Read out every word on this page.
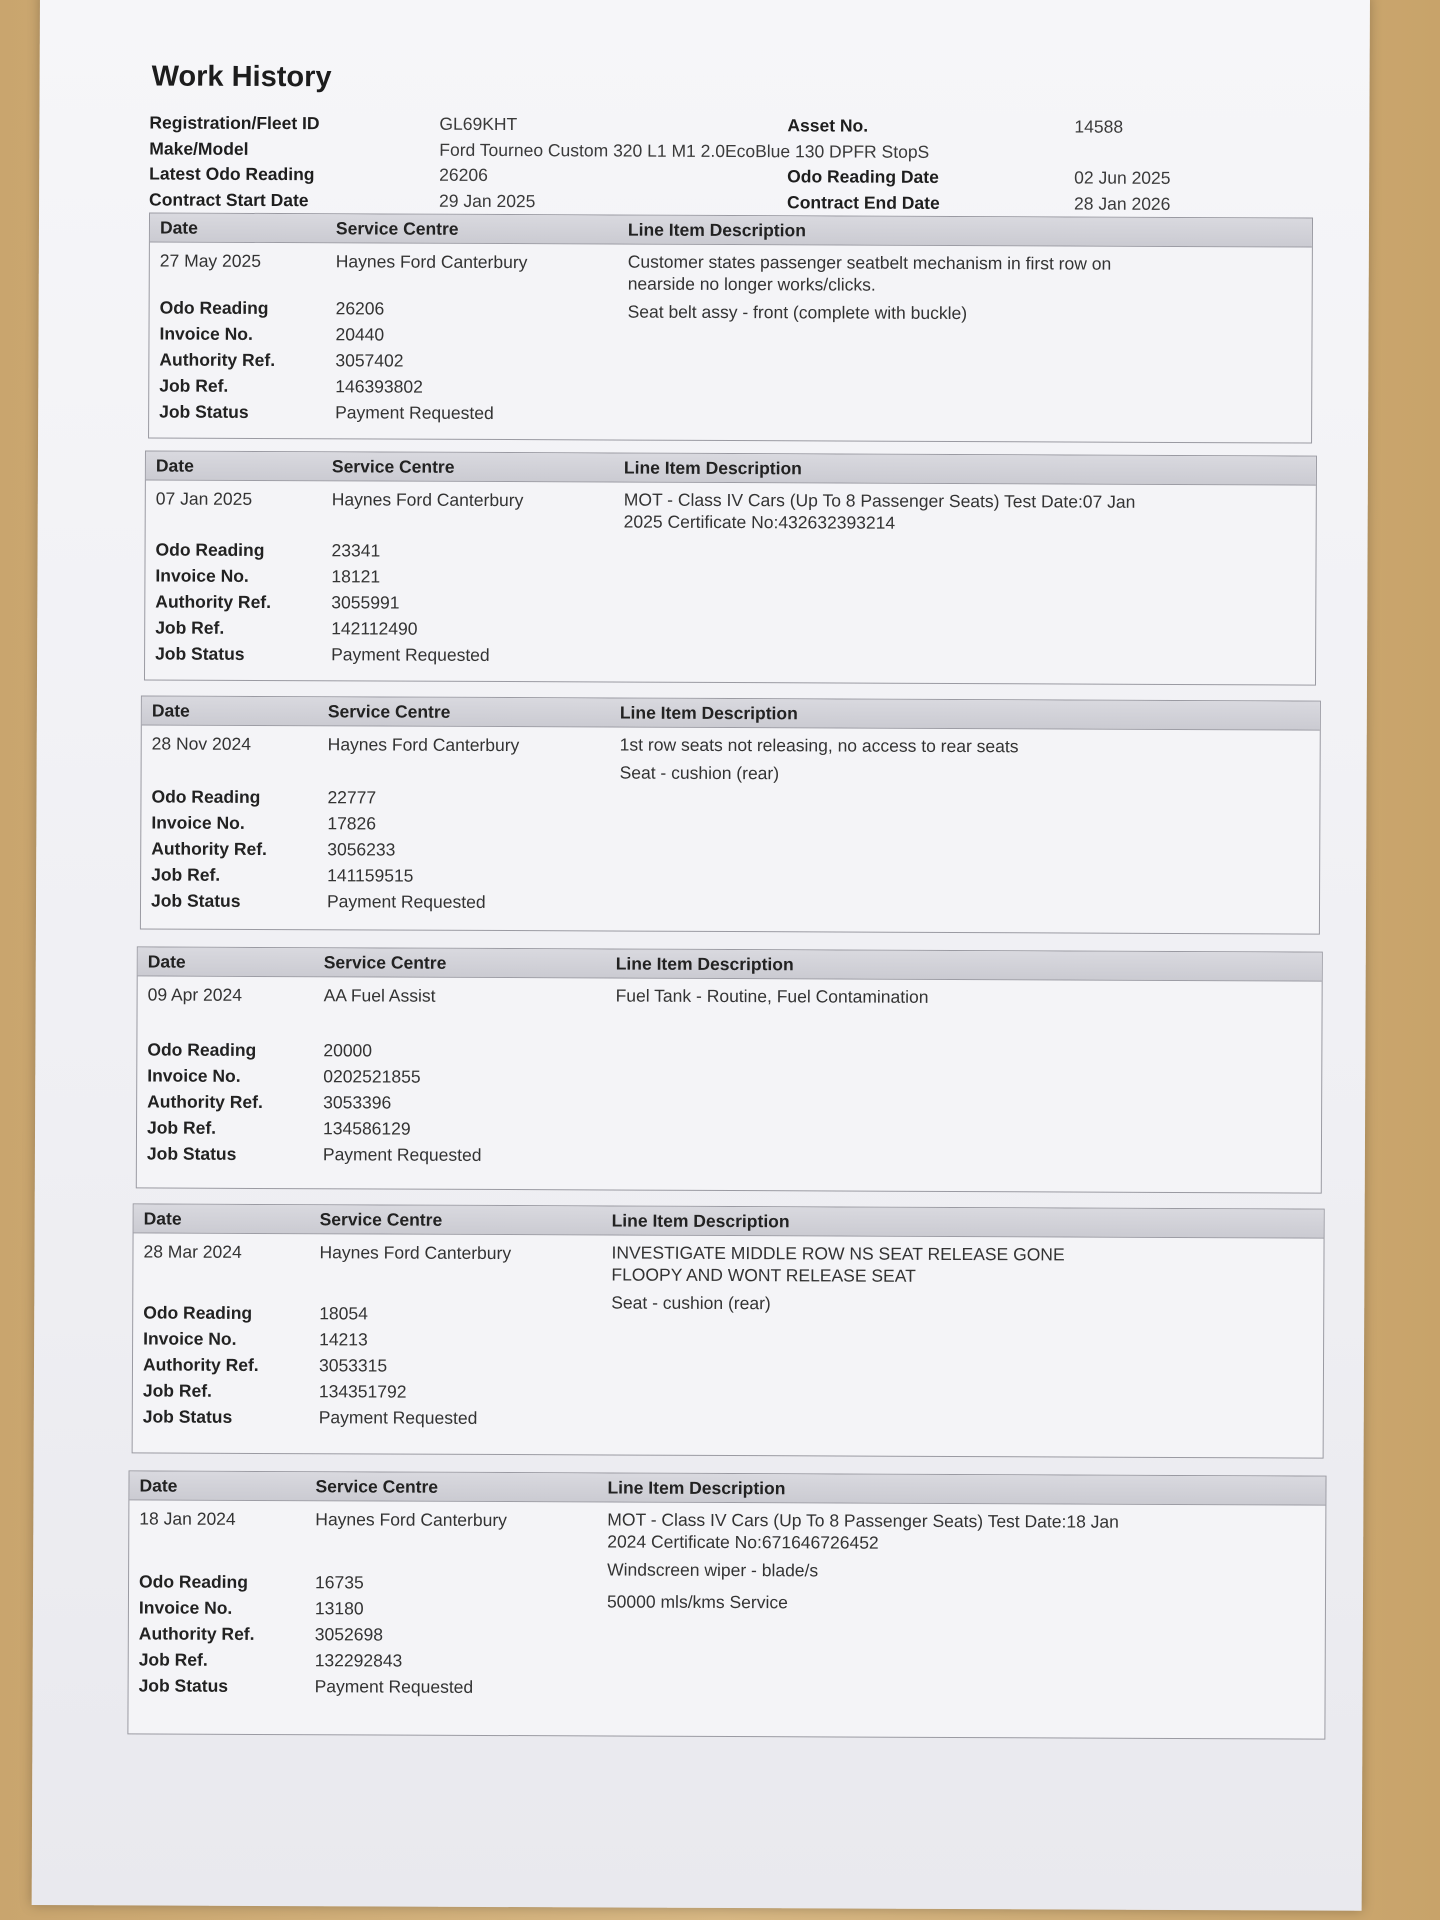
Work History
Registration/Fleet ID	GL69KHT	Asset No.	14588
Make/Model	Ford Tourneo Custom 320 L1 M1 2.0EcoBlue 130 DPFR StopS
Latest Odo Reading	26206	Odo Reading Date	02 Jun 2025
Contract Start Date	29 Jan 2025	Contract End Date	28 Jan 2026
Date	Service Centre	Line Item Description
27 May 2025	Haynes Ford Canterbury	Customer states passenger seatbelt mechanism in first row on nearside no longer works/clicks.
Seat belt assy - front (complete with buckle)
Odo Reading	26206
Invoice No.	20440
Authority Ref.	3057402
Job Ref.	146393802
Job Status	Payment Requested
Date	Service Centre	Line Item Description
07 Jan 2025	Haynes Ford Canterbury	MOT - Class IV Cars (Up To 8 Passenger Seats) Test Date:07 Jan 2025 Certificate No:432632393214
Odo Reading	23341
Invoice No.	18121
Authority Ref.	3055991
Job Ref.	142112490
Job Status	Payment Requested
Date	Service Centre	Line Item Description
28 Nov 2024	Haynes Ford Canterbury	1st row seats not releasing, no access to rear seats
Seat - cushion (rear)
Odo Reading	22777
Invoice No.	17826
Authority Ref.	3056233
Job Ref.	141159515
Job Status	Payment Requested
Date	Service Centre	Line Item Description
09 Apr 2024	AA Fuel Assist	Fuel Tank - Routine, Fuel Contamination
Odo Reading	20000
Invoice No.	0202521855
Authority Ref.	3053396
Job Ref.	134586129
Job Status	Payment Requested
Date	Service Centre	Line Item Description
28 Mar 2024	Haynes Ford Canterbury	INVESTIGATE MIDDLE ROW NS SEAT RELEASE GONE FLOOPY AND WONT RELEASE SEAT
Seat - cushion (rear)
Odo Reading	18054
Invoice No.	14213
Authority Ref.	3053315
Job Ref.	134351792
Job Status	Payment Requested
Date	Service Centre	Line Item Description
18 Jan 2024	Haynes Ford Canterbury	MOT - Class IV Cars (Up To 8 Passenger Seats) Test Date:18 Jan 2024 Certificate No:671646726452
Windscreen wiper - blade/s
50000 mls/kms Service
Odo Reading	16735
Invoice No.	13180
Authority Ref.	3052698
Job Ref.	132292843
Job Status	Payment Requested
